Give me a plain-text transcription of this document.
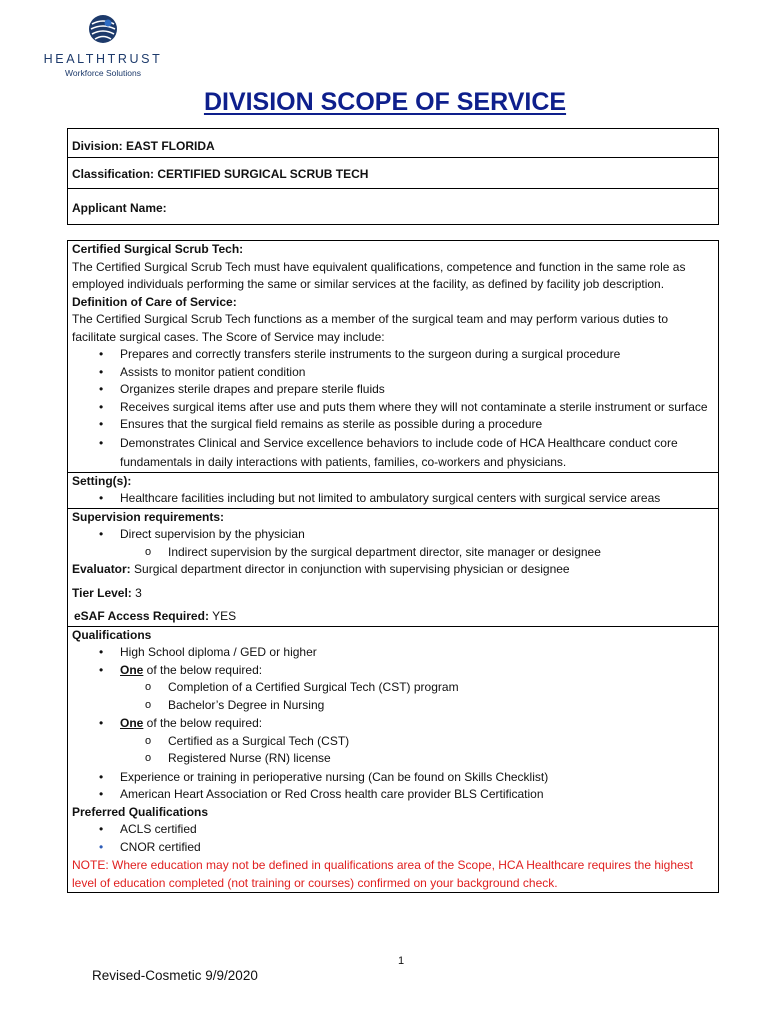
HEALTHTRUST
Workforce Solutions
DIVISION SCOPE OF SERVICE
Division: EAST FLORIDA
Classification: CERTIFIED SURGICAL SCRUB TECH
Applicant Name:
Certified Surgical Scrub Tech:
The Certified Surgical Scrub Tech must have equivalent qualifications, competence and function in the same role as employed individuals performing the same or similar services at the facility, as defined by facility job description.
Definition of Care of Service:
The Certified Surgical Scrub Tech functions as a member of the surgical team and may perform various duties to facilitate surgical cases. The Score of Service may include:
• Prepares and correctly transfers sterile instruments to the surgeon during a surgical procedure
• Assists to monitor patient condition
• Organizes sterile drapes and prepare sterile fluids
• Receives surgical items after use and puts them where they will not contaminate a sterile instrument or surface
• Ensures that the surgical field remains as sterile as possible during a procedure
• Demonstrates Clinical and Service excellence behaviors to include code of HCA Healthcare conduct core fundamentals in daily interactions with patients, families, co-workers and physicians.
Setting(s):
• Healthcare facilities including but not limited to ambulatory surgical centers with surgical service areas
Supervision requirements:
• Direct supervision by the physician
o Indirect supervision by the surgical department director, site manager or designee
Evaluator: Surgical department director in conjunction with supervising physician or designee
Tier Level: 3
eSAF Access Required: YES
Qualifications
• High School diploma / GED or higher
• One of the below required:
o Completion of a Certified Surgical Tech (CST) program
o Bachelor’s Degree in Nursing
• One of the below required:
o Certified as a Surgical Tech (CST)
o Registered Nurse (RN) license
• Experience or training in perioperative nursing (Can be found on Skills Checklist)
• American Heart Association or Red Cross health care provider BLS Certification
Preferred Qualifications
• ACLS certified
• CNOR certified
NOTE: Where education may not be defined in qualifications area of the Scope, HCA Healthcare requires the highest level of education completed (not training or courses) confirmed on your background check.
1
Revised-Cosmetic 9/9/2020
